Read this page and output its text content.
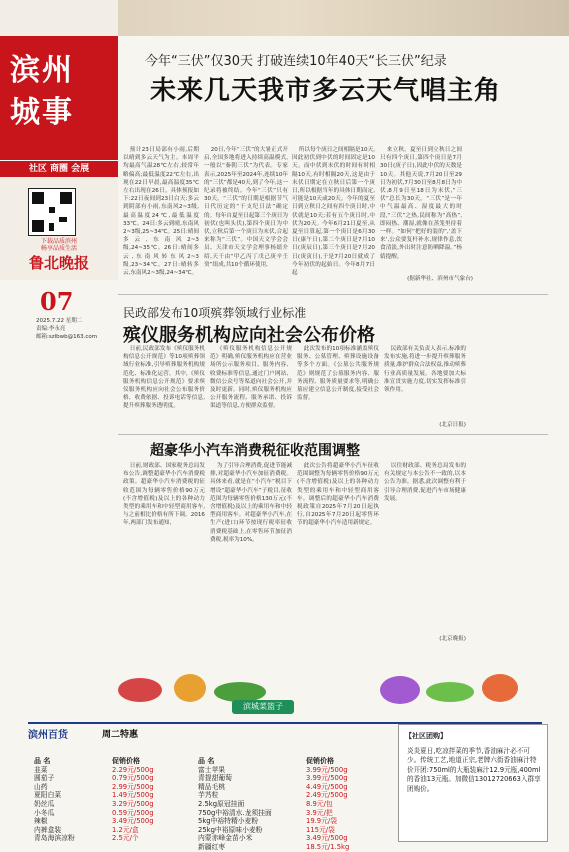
滨州
城事
社区 商圈 会展
下载品质滨州
畅享品质生活
鲁北晚报
07
2025.7.22 星期二
责编:李永亮
邮箱:szlbwb@163.com
今年“三伏”仅30天 打破连续10年40天“长三伏”纪录
未来几天我市多云天气唱主角

预计23日局部有小雨,后期以晴到多云天气为主。本周平均最高气温28℃左右,较常年略偏高;最低温度22℃左右,出现在22日早晨,最高温度35℃左右出现在26日。具体预报如下:22日夜间到23日白天:多云到阴部有小雨,东南风2~3级,最高温度24℃,最低温度33℃。24日:多云到晴,东南风2~3级,25~34℃。25日:晴间多云,东南风2~3级,24~35℃。26日:晴间多云,东南风转东风2~3级,23~34℃。27日:晴转多云,东南风2~3级,24~34℃。

20日,今年“三伏”的大暑正式开启,全国多地将进入持续高温模式,一般以“秦朝三伏”为代表。专家表示,2025年至2024年,连续10年的“三伏”都是40天,到了今年,这一纪录将被终结。今年“三伏”只有30天。“三伏”的日期是根据节气日代历定的“干支纪日法”确定的。每年自夏至日起第三个庚日为初伏(也叫头伏),第四个庚日为中伏,立秋后第一个庚日为末伏,合起来称为“三伏”。中国天文学会会员、天津市天文学会理事杨婧介绍,天干由“甲乙丙丁戊己庚辛壬癸”组成,共10个循环使用,

所以每个庚日之间相隔是10天,因此初伏到中伏的时间固定是10天。而中伏到末伏的时间有时相隔10天,有时相隔20天,这是由于末伏日期定在立秋日后第一个庚日,所以根据当年的具体日期而定,可能是10天或20天。今年的夏至日到立秋日之间有四个庚日时,中伏就是10天;若有五个庚日时,中伏为20天。今年6月21日夏至,从夏至日算起,第一个庚日是6月30日(康午日),第二个庚日是7月10日(庚辰日),第三个庚日是7月20日(庚寅日),于是7月20日就成了今年初伏的起始日。今年8月7日起

来立秋。夏至日到立秋日之间只有四个庚日,第四个庚日是7月30日(庚子日),因此中伏的天数是10天。其他天说,7月20日至29日为初伏,7月30日至8月8日为中伏,8月9日至18日为末伏,“三伏”总长为30天。“三伏”是一年中气温最高、湿度最大的时段,“三伏”之热,民间称为“高热”,即闷热、潮湿,就像在蒸笼里待着一样。“如何“把好的装的”,‘盖下来’,公众要复杆补水,规律作息,饮食清淡,外出时注意防晒降温。”杨婧提醒。

(据新华社、滨州市气象台)
民政部发布10项殡葬领域行业标准
殡仪服务机构应向社会公布价格

日前,民政部发布《殡仪服务机构信息公开规范》等10项殡葬领域行业标准,引导殡葬服务机构规范化、标准化运营。其中,《殡仪服务机构信息公开规范》要求殡仪服务机构应向社会公布服务价格、收费依据、投诉电话等信息,提升殡葬服务透明度。

《殡仪服务机构信息公开规范》明确,殡仪服务机构应在营业场所公示服务项目、服务内容、收费标准等信息,通过门户网站、微信公众号等渠道向社会公开,并及时更新。同时,殡仪服务机构应公开服务流程、服务承诺、投诉渠道等信息,方便群众监督。

此次发布的10项标准涵盖殡仪服务、公墓管理、殡葬设施设备等多个方面。《公墓公共服务规范》则规范了公墓服务内容、服务流程、服务质量要求等,明确公墓应建立信息公开制度,接受社会监督。

民政部有关负责人表示,标准的发布实施,将进一步提升殡葬服务质量,维护群众合法权益,推动殡葬行业高质量发展。各地要加大标准宣贯实施力度,切实发挥标准引领作用。

(北京日报)
超豪华小汽车消费税征收范围调整

日前,财政部、国家税务总局发布公告,调整超豪华小汽车消费税政策。超豪华小汽车消费税的征收范围为每辆零售价格90万元(不含增值税)及以上的各种动力类型的乘用车和中轻型商用客车,与之前相比价格有所下调。2016年,两部门发布通知,

为了引导合理消费,促进节能减排,对超豪华小汽车加征消费税。具体来看,就是在“小汽车”税目下增设“超豪华小汽车”子税目,征收范围为每辆零售价格130万元(不含增值税)及以上的乘用车和中轻型商用客车。对超豪华小汽车,在生产(进口)环节按现行税率征收消费税基础上,在零售环节加征消费税,税率为10%。

此次公告将超豪华小汽车征收范围调整为每辆零售价格90万元(不含增值税)及以上的各种动力类型的乘用车和中轻型商用客车。调整后的超豪华小汽车消费税政策自2025年7月20日起执行,自2025年7月20日起零售环节的超豪华小汽车适用新规定。

以往财政部、税务总局发布的有关规定与本公告不一致的,以本公告为准。据悉,此次调整有利于引导合理消费,促进汽车市场健康发展。

(北京晚报)
滨城菜篮子
滨州百货	周二特惠
品 名	促销价格
韭菜	2.29元/500g
圆茄子	0.79元/500g
山药	2.99元/500g
夏阳白菜	1.49元/500g
奶丝瓜	3.29元/500g
小冬瓜	0.59元/500g
辣椒	3.49元/500g
内裤盒装	1.2元/盒
青岛海滨凉粉	2.5元/个
品 名	促销价格
富士苹果	3.99元/500g
青提甜葡萄	3.99元/500g
精品毛桃	4.49元/500g
芋艿粒	2.49元/500g
2.5kg原冠挂面	8.9元/包
750g中裕清水.龙须挂面	3.9元/把
5kg中裕特精小麦粉	19.9元/袋
25kg中裕原味小麦粉	115元/袋
内蒙赤峰金苗小米	3.49元/500g
新疆红枣	18.5元/1.5kg
【社区团购】
炎炎夏日,吃凉拌菜的季节,香油麻汁必不可少。传统工艺,地道正宗,老牌六街香油麻汁特价开团:750ml的大瓶装麻汁12.9元瓶,400ml的香油13元瓶。加微信13012720663入群享团购价。
